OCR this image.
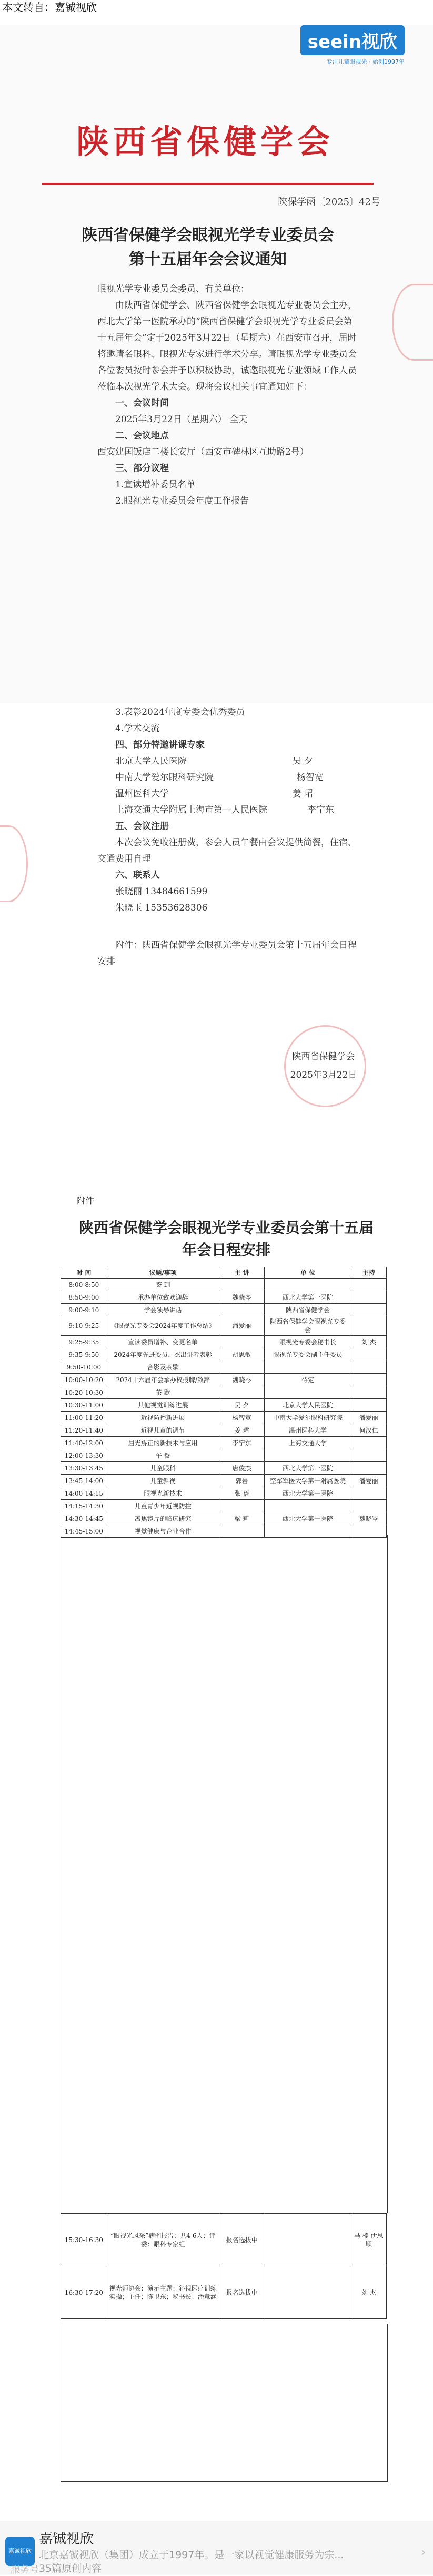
本文转自：嘉铖视欣
seein视欣
专注儿童眼视光 · 始创1997年
陕西省保健学会
陕保学函〔2025〕42号
陕西省保健学会眼视光学专业委员会
第十五届年会会议通知

眼视光学专业委员会委员、有关单位：

由陕西省保健学会、陕西省保健学会眼视光专业委员会主办，西北大学第一医院承办的“陕西省保健学会眼视光学专业委员会第十五届年会”定于2025年3月22日（星期六）在西安市召开，届时将邀请名眼科、眼视光专家进行学术分享。请眼视光学专业委员会各位委员按时参会并予以积极协助，诚邀眼视光专业领域工作人员莅临本次视光学术大会。现将会议相关事宜通知如下：

一、会议时间

2025年3月22日（星期六） 全天

二、会议地点

西安建国饭店二楼长安厅（西安市碑林区互助路2号）

三、部分议程

1.宣读增补委员名单

2.眼视光专业委员会年度工作报告

3.表彰2024年度专委会优秀委员

4.学术交流

四、部分特邀讲课专家

北京大学人民医院	吴 夕
中南大学爱尔眼科研究院	杨智宽
温州医科大学	姜 珺
上海交通大学附属上海市第一人民医院	李宁东

五、会议注册

本次会议免收注册费，参会人员午餐由会议提供简餐，住宿、交通费用自理

六、联系人

张晓丽 13484661599

朱晓玉 15353628306

附件：陕西省保健学会眼视光学专业委员会第十五届年会日程安排

陕西省保健学会
2025年3月22日
附件
陕西省保健学会眼视光学专业委员会第十五届
年会日程安排
时 间	议题/事项	主 讲	单 位	主持
8:00-8:50	签 到			
8:50-9:00	承办单位致欢迎辞	魏晓岑	西北大学第一医院	
9:00-9:10	学会领导讲话		陕西省保健学会	
9:10-9:25	《眼视光专委会2024年度工作总结》	潘爱丽	陕西省保健学会眼视光专委会	
9:25-9:35	宣读委员增补、变更名单		眼视光专委会秘书长	刘 杰
9:35-9:50	2024年度先进委员、杰出讲者表彰	胡思敏	眼视光专委会副主任委员	
9:50-10:00	合影及茶歇			
10:00-10:20	2024十六届年会承办权授牌/致辞	魏晓岑	待定	
10:20-10:30	茶 歇			
10:30-11:00	其他视觉训练进展	吴 夕	北京大学人民医院	
11:00-11:20	近视防控新进展	杨智宽	中南大学爱尔眼科研究院	潘爱丽
11:20-11:40	近视儿童的调节	姜 珺	温州医科大学	何汉仁
11:40-12:00	屈光矫正的新技术与应用	李宁东	上海交通大学	
12:00-13:30	午 餐			
13:30-13:45	儿童眼科	唐俊杰	西北大学第一医院	
13:45-14:00	儿童斜视	郭岩	空军军医大学第一附属医院	潘爱丽
14:00-14:15	眼视光新技术	张 蓓	西北大学第一医院	
14:15-14:30	儿童青少年近视防控			
14:30-14:45	离焦镜片的临床研究	梁 莉	西北大学第一医院	魏晓岑
14:45-15:00	视觉健康与企业合作			
15:30-16:30	“眼视光风采”病例报告：共4-6人；评委：眼科专家组	报名选拔中		马 楠 伊思顺
16:30-17:20	视光师协会：演示主题：斜视医疗训练实操；主任：陈卫东；秘书长：潘意涵	报名选拔中		刘 杰
嘉铖视欣
嘉铖视欣
北京嘉铖视欣（集团）成立于1997年。是一家以视觉健康服务为宗...
35篇原创内容
›
服务号
